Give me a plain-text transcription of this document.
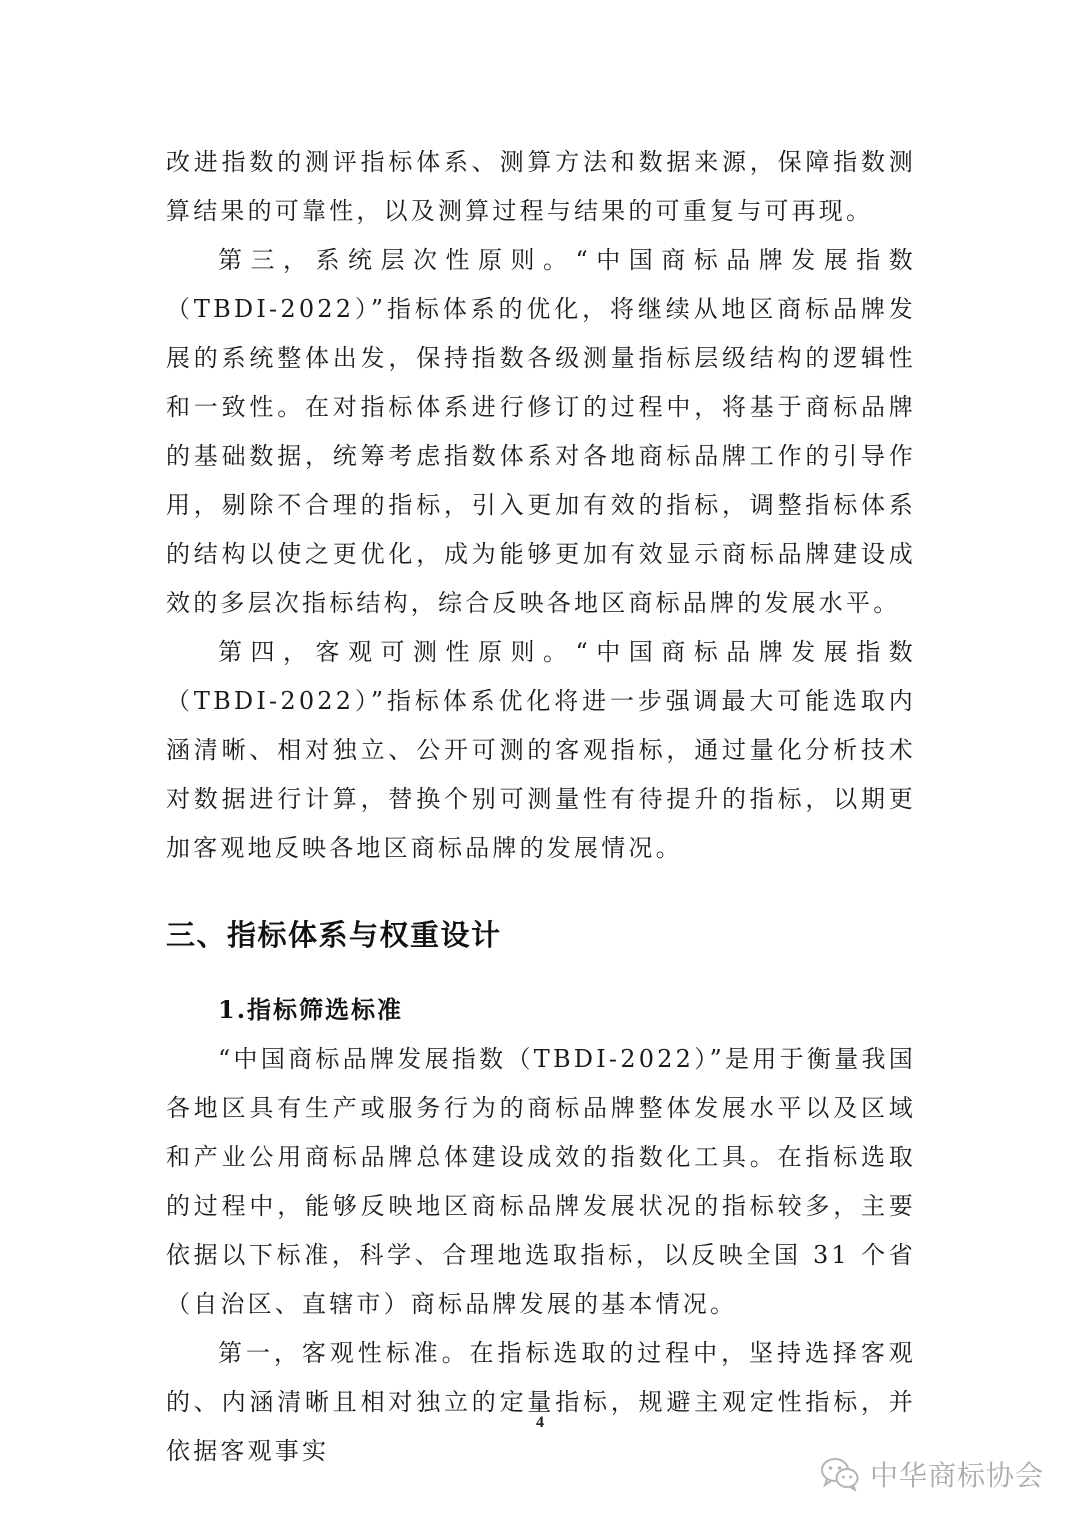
改进指数的测评指标体系、测算方法和数据来源，保障指数测算结果的可靠性，以及测算过程与结果的可重复与可再现。

第三，系统层次性原则。“中国商标品牌发展指数（TBDI-2022）”指标体系的优化，将继续从地区商标品牌发展的系统整体出发，保持指数各级测量指标层级结构的逻辑性和一致性。在对指标体系进行修订的过程中，将基于商标品牌的基础数据，统筹考虑指数体系对各地商标品牌工作的引导作用，剔除不合理的指标，引入更加有效的指标，调整指标体系的结构以使之更优化，成为能够更加有效显示商标品牌建设成效的多层次指标结构，综合反映各地区商标品牌的发展水平。

第四，客观可测性原则。“中国商标品牌发展指数（TBDI-2022）”指标体系优化将进一步强调最大可能选取内涵清晰、相对独立、公开可测的客观指标，通过量化分析技术对数据进行计算，替换个别可测量性有待提升的指标，以期更加客观地反映各地区商标品牌的发展情况。

三、指标体系与权重设计
1.指标筛选标准

“中国商标品牌发展指数（TBDI-2022）”是用于衡量我国各地区具有生产或服务行为的商标品牌整体发展水平以及区域和产业公用商标品牌总体建设成效的指数化工具。在指标选取的过程中，能够反映地区商标品牌发展状况的指标较多，主要依据以下标准，科学、合理地选取指标，以反映全国 31 个省（自治区、直辖市）商标品牌发展的基本情况。

第一，客观性标准。在指标选取的过程中，坚持选择客观的、内涵清晰且相对独立的定量指标，规避主观定性指标，并依据客观事实

4
中华商标协会
